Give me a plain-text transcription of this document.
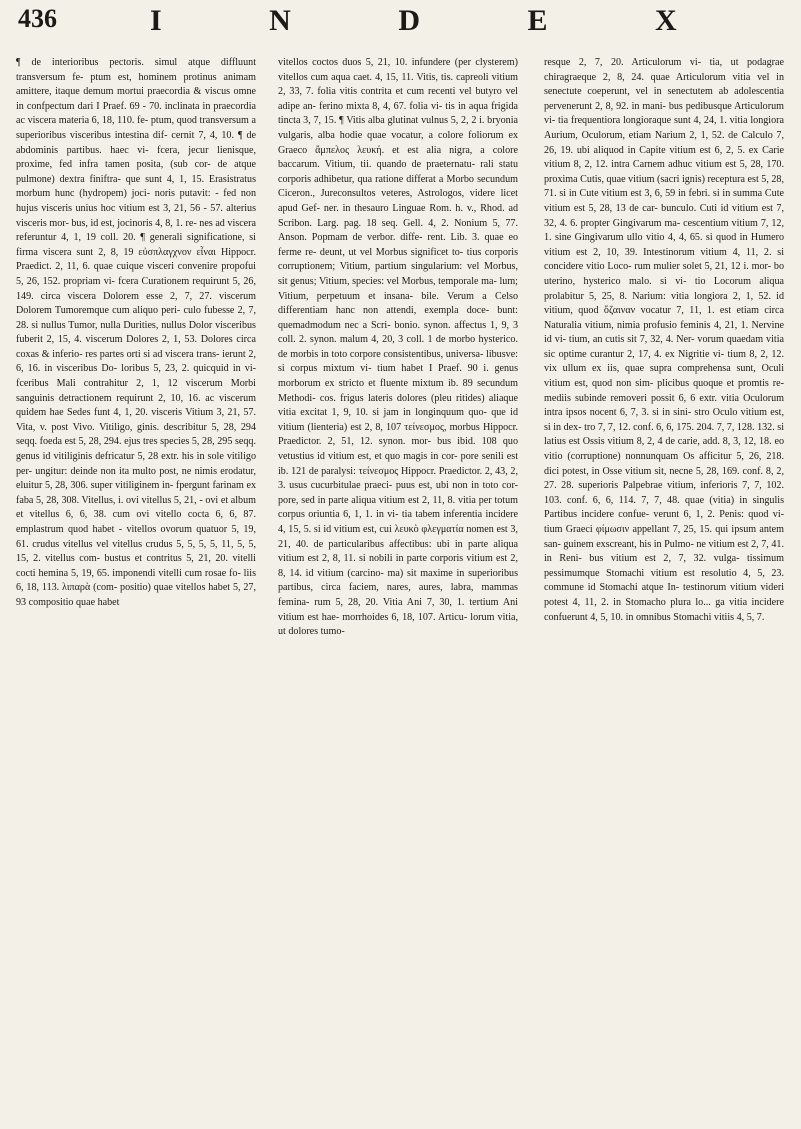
436	I N D E X

¶ de interioribus pectoris. simul atque diffluunt transversum fe- ptum est, hominem protinus animam amittere, itaque demum mortui praecordia & viscus omne in confpectum dari I Praef. 69 - 70. inclinata in praecordia ac viscera materia 6, 18, 110. fe- ptum, quod transversum a superioribus visceribus intestina dif- cernit 7, 4, 10. ¶ de abdominis partibus. haec vi- fcera, jecur lienisque, proxime, fed infra tamen posita, (sub cor- de atque pulmone) dextra finiftra- que sunt 4, 1, 15. Erasistratus morbum hunc (hydropem) joci- noris putavit: - fed non hujus visceris unius hoc vitium est 3, 21, 56 - 57. alterius visceris mor- bus, id est, jocinoris 4, 8, 1. re- nes ad viscera referuntur 4, 1, 19 coll. 20. ¶ generali significatione, si firma viscera sunt 2, 8, 19 εὐσπλαγχνον εἶναι Hippocr. Praedict. 2, 11, 6. quae cuique visceri convenire propofui 5, 26, 152. propriam vi- fcera Curationem requirunt 5, 26, 149. circa viscera Dolorem esse 2, 7, 27. viscerum Dolorem Tumoremque cum aliquo peri- culo fubesse 2, 7, 28. si nullus Tumor, nulla Durities, nullus Dolor visceribus fuberit 2, 15, 4. viscerum Dolores 2, 1, 53. Dolores circa coxas & inferio- res partes orti si ad viscera trans- ierunt 2, 6, 16. in visceribus Do- loribus 5, 23, 2. quicquid in vi- fceribus Mali contrahitur 2, 1, 12 viscerum Morbi sanguinis detractionem requirunt 2, 10, 16. ac viscerum quidem hae Sedes funt 4, 1, 20. visceris Vitium 3, 21, 57. Vita, v. post Vivo. Vitiligo, ginis. describitur 5, 28, 294 seqq. foeda est 5, 28, 294. ejus tres species 5, 28, 295 seqq. genus id vitiliginis defricatur 5, 28 extr. his in sole vitiligo per- ungitur: deinde non ita multo post, ne nimis erodatur, eluitur 5, 28, 306. super vitiliginem in- fpergunt farinam ex faba 5, 28, 308. Vitellus, i. ovi vitellus 5, 21, - ovi et album et vitellus 6, 6, 38. cum ovi vitello cocta 6, 6, 87. emplastrum quod habet - vitellos ovorum quatuor 5, 19, 61. crudus vitellus vel vitellus crudus 5, 5, 5, 5, 11, 5, 5, 15, 2. vitellus com- bustus et contritus 5, 21, 20. vitelli cocti hemina 5, 19, 65. imponendi vitelli cum rosae fo- liis 6, 18, 113. λιπαρὰ (com- positio) quae vitellos habet 5, 27, 93 compositio quae habet

vitellos coctos duos 5, 21, 10. infundere (per clysterem) vitellos cum aqua caet. 4, 15, 11. Vitis, tis. capreoli vitium 2, 33, 7. folia vitis contrita et cum recenti vel butyro vel adipe an- ferino mixta 8, 4, 67. folia vi- tis in aqua frigida tincta 3, 7, 15. ¶ Vitis alba glutinat vulnus 5, 2, 2 i. bryonia vulgaris, alba hodie quae vocatur, a colore foliorum ex Graeco ἄμπελος λευκή. et est alia nigra, a colore baccarum. Vitium, tii. quando de praeternatu- rali statu corporis adhibetur, qua ratione differat a Morbo secundum Ciceron., Jureconsultos veteres, Astrologos, videre licet apud Gef- ner. in thesauro Linguae Rom. h. v., Rhod. ad Scribon. Larg. pag. 18 seq. Gell. 4, 2. Nonium 5, 77. Anson. Popmam de verbor. diffe- rent. Lib. 3. quae eo ferme re- deunt, ut vel Morbus significet to- tius corporis corruptionem; Vitium, partium singularium: vel Morbus, sit genus; Vitium, species: vel Morbus, temporale ma- lum; Vitium, perpetuum et insana- bile. Verum a Celso differentiam hanc non attendi, exempla doce- bunt: quemadmodum nec a Scri- bonio. synon. affectus 1, 9, 3 coll. 2. synon. malum 4, 20, 3 coll. 1 de morbo hysterico. de morbis in toto corpore consistentibus, universa- libusve: si corpus mixtum vi- tium habet I Praef. 90 i. genus morborum ex stricto et fluente mixtum ib. 89 secundum Methodi- cos. frigus lateris dolores (pleu ritides) aliaque vitia excitat 1, 9, 10. si jam in longinquum quo- que id vitium (lienteria) est 2, 8, 107 τείνεσμος, morbus Hippocr. Praedictor. 2, 51, 12. synon. mor- bus ibid. 108 quo vetustius id vitium est, et quo magis in cor- pore senili est ib. 121 de paralysi: τείνεσμος Hippocr. Praedictor. 2, 43, 2, 3. usus cucurbitulae praeci- puus est, ubi non in toto cor- pore, sed in parte aliqua vitium est 2, 11, 8. vitia per totum corpus oriuntia 6, 1, 1. in vi- tia tabem inferentia incidere 4, 15, 5. si id vitium est, cui λευκὸ φλεγματία nomen est 3, 21, 40. de particularibus affectibus: ubi in parte aliqua vitium est 2, 8, 11. si nobili in parte corporis vitium est 2, 8, 14. id vitium (carcino- ma) sit maxime in superioribus partibus, circa faciem, nares, aures, labra, mammas femina- rum 5, 28, 20. Vitia Ani 7, 30, 1. tertium Ani vitium est hae- morrhoides 6, 18, 107. Articu- lorum vitia, ut dolores tumo-

resque 2, 7, 20. Articulorum vi- tia, ut podagrae chiragraeque 2, 8, 24. quae Articulorum vitia vel in senectute coeperunt, vel in senectutem ab adolescentia pervenerunt 2, 8, 92. in mani- bus pedibusque Articulorum vi- tia frequentiora longioraque sunt 4, 24, 1. vitia longiora Aurium, Oculorum, etiam Narium 2, 1, 52. de Calculo 7, 26, 19. ubi aliquod in Capite vitium est 6, 2, 5. ex Carie vitium 8, 2, 12. intra Carnem adhuc vitium est 5, 28, 170. proxima Cutis, quae vitium (sacri ignis) receptura est 5, 28, 71. si in Cute vitium est 3, 6, 59 in febri. si in summa Cute vitium est 5, 28, 13 de car- bunculo. Cuti id vitium est 7, 32, 4. 6. propter Gingivarum ma- cescentium vitium 7, 12, 1. sine Gingivarum ullo vitio 4, 4, 65. si quod in Humero vitium est 2, 10, 39. Intestinorum vitium 4, 11, 2. si concidere vitio Loco- rum mulier solet 5, 21, 12 i. mor- bo uterino, hysterico malo. si vi- tio Locorum aliqua prolabitur 5, 25, 8. Narium: vitia longiora 2, 1, 52. id vitium, quod ὄζαιναν vocatur 7, 11, 1. est etiam circa Naturalia vitium, nimia profusio feminis 4, 21, 1. Nervine id vi- tium, an cutis sit 7, 32, 4. Ner- vorum quaedam vitia sic optime curantur 2, 17, 4. ex Nigritie vi- tium 8, 2, 12. vix ullum ex iis, quae supra comprehensa sunt, Oculi vitium est, quod non sim- plicibus quoque et promtis re- mediis subinde removeri possit 6, 6 extr. vitia Oculorum intra ipsos nocent 6, 7, 3. si in sini- stro Oculo vitium est, si in dex- tro 7, 7, 12. conf. 6, 6, 175. 204. 7, 7, 128. 132. si latius est Ossis vitium 8, 2, 4 de carie, add. 8, 3, 12, 18. eo vitio (corruptione) nonnunquam Os afficitur 5, 26, 218. dici potest, in Osse vitium sit, necne 5, 28, 169. conf. 8, 2, 27. 28. superioris Palpebrae vitium, inferioris 7, 7, 102. 103. conf. 6, 6, 114. 7, 7, 48. quae (vitia) in singulis Partibus incidere confue- verunt 6, 1, 2. Penis: quod vi- tium Graeci φίμωσιν appellant 7, 25, 15. qui ipsum antem san- guinem exscreant, his in Pulmo- ne vitium est 2, 7, 41. in Reni- bus vitium est 2, 7, 32. vulga- tissimum pessimumque Stomachi vitium est resolutio 4, 5, 23. commune id Stomachi atque In- testinorum vitium videri potest 4, 11, 2. in Stomacho plura lo... ga vitia incidere confuerunt 4, 5, 10. in omnibus Stomachi vitiis 4, 5, 7.
